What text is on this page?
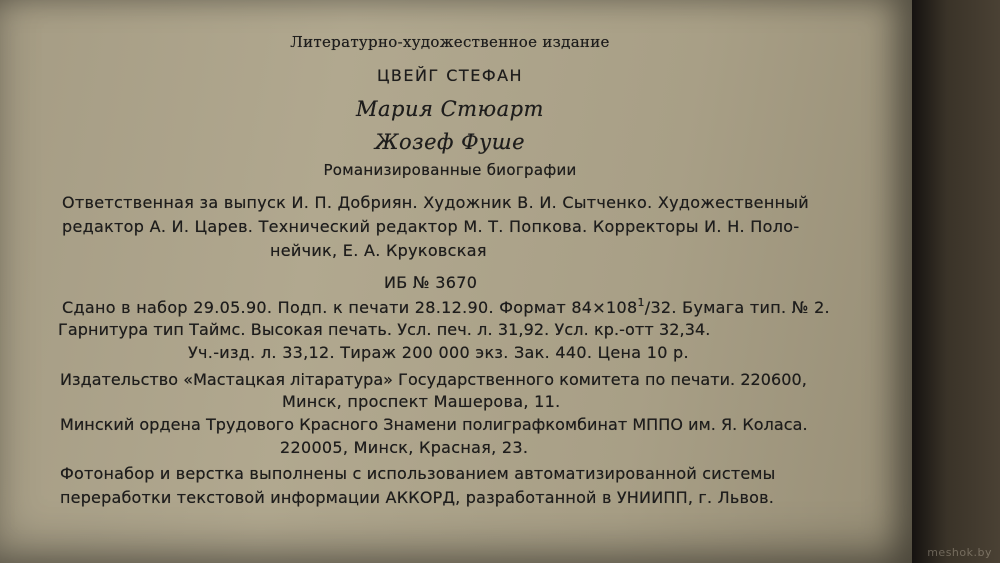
Литературно-художественное издание
ЦВЕЙГ СТЕФАН
Мария Стюарт
Жозеф Фуше
Романизированные биографии
Ответственная за выпуск И. П. Добриян. Художник В. И. Сытченко. Художественный
редактор А. И. Царев. Технический редактор М. Т. Попкова. Корректоры И. Н. Поло-
нейчик, Е. А. Круковская
ИБ № 3670
Сдано в набор 29.05.90. Подп. к печати 28.12.90. Формат $84\times 108^1/32$. Бумага тип. № 2.
Гарнитура тип Таймс. Высокая печать. Усл. печ. л. 31,92. Усл. кр.-отт 32,34.
Уч.-изд. л. 33,12. Тираж 200 000 экз. Зак. 440. Цена 10 р.
Издательство «Мастацкая лiтаратура» Государственного комитета по печати. 220600,
Минск, проспект Машерова, 11.
Минский ордена Трудового Красного Знамени полиграфкомбинат МППО им. Я. Коласа.
220005, Минск, Красная, 23.
Фотонабор и верстка выполнены с использованием автоматизированной системы
переработки текстовой информации АККОРД, разработанной в УНИИПП, г. Львов.
meshok.by
